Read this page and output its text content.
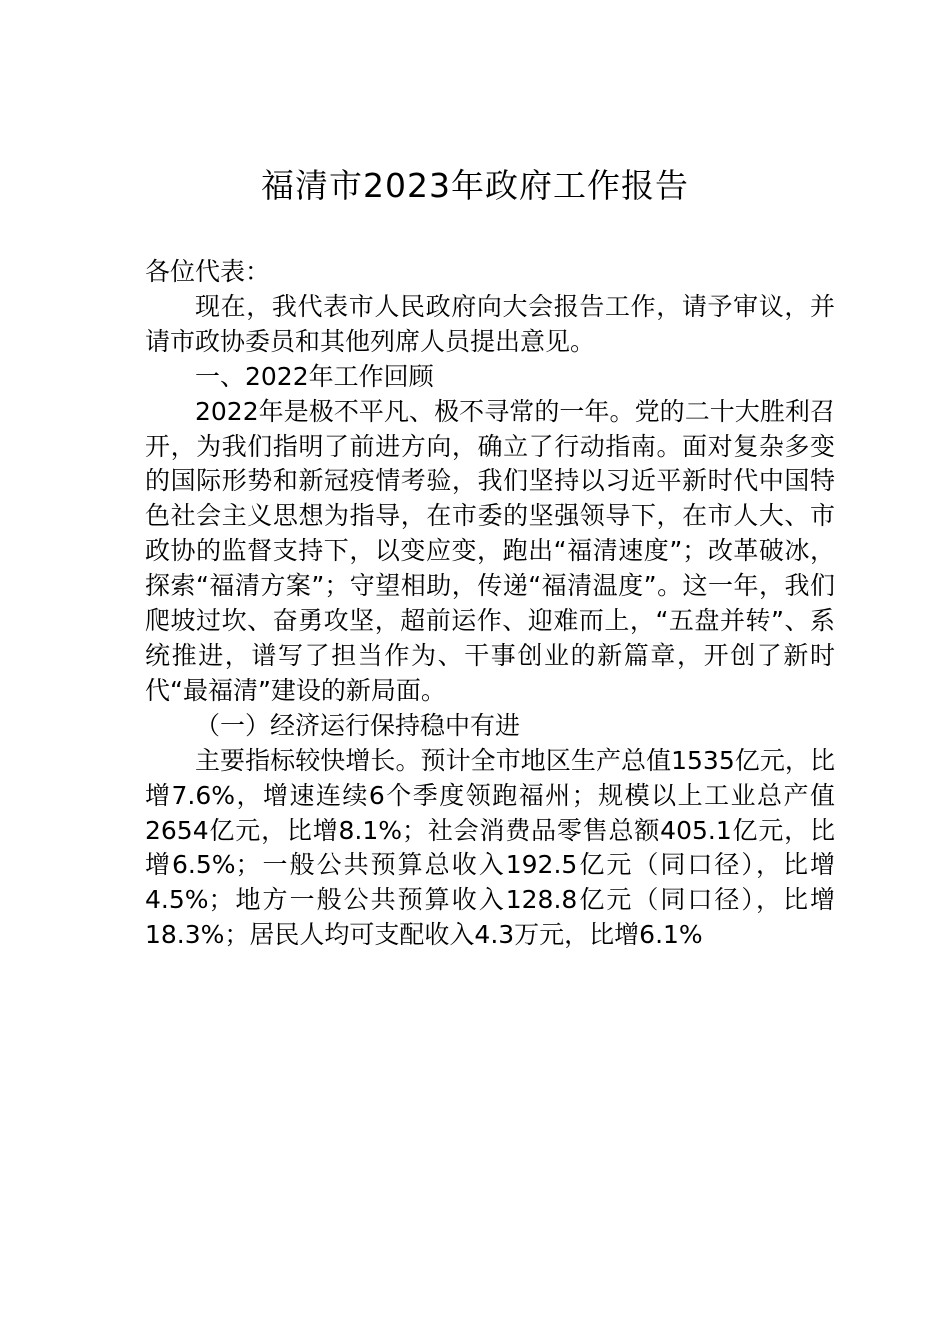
福清市2023年政府工作报告

各位代表：

现在，我代表市人民政府向大会报告工作，请予审议，并请市政协委员和其他列席人员提出意见。

一、2022年工作回顾

2022年是极不平凡、极不寻常的一年。党的二十大胜利召开，为我们指明了前进方向，确立了行动指南。面对复杂多变的国际形势和新冠疫情考验，我们坚持以习近平新时代中国特色社会主义思想为指导，在市委的坚强领导下，在市人大、市政协的监督支持下，以变应变，跑出“福清速度”；改革破冰，探索“福清方案”；守望相助，传递“福清温度”。这一年，我们爬坡过坎、奋勇攻坚，超前运作、迎难而上，“五盘并转”、系统推进，谱写了担当作为、干事创业的新篇章，开创了新时代“最福清”建设的新局面。

（一）经济运行保持稳中有进

主要指标较快增长。预计全市地区生产总值1535亿元，比增7.6%，增速连续6个季度领跑福州；规模以上工业总产值2654亿元，比增8.1%；社会消费品零售总额405.1亿元，比增6.5%；一般公共预算总收入192.5亿元（同口径），比增4.5%；地方一般公共预算收入128.8亿元（同口径），比增18.3%；居民人均可支配收入4.3万元，比增6.1%
